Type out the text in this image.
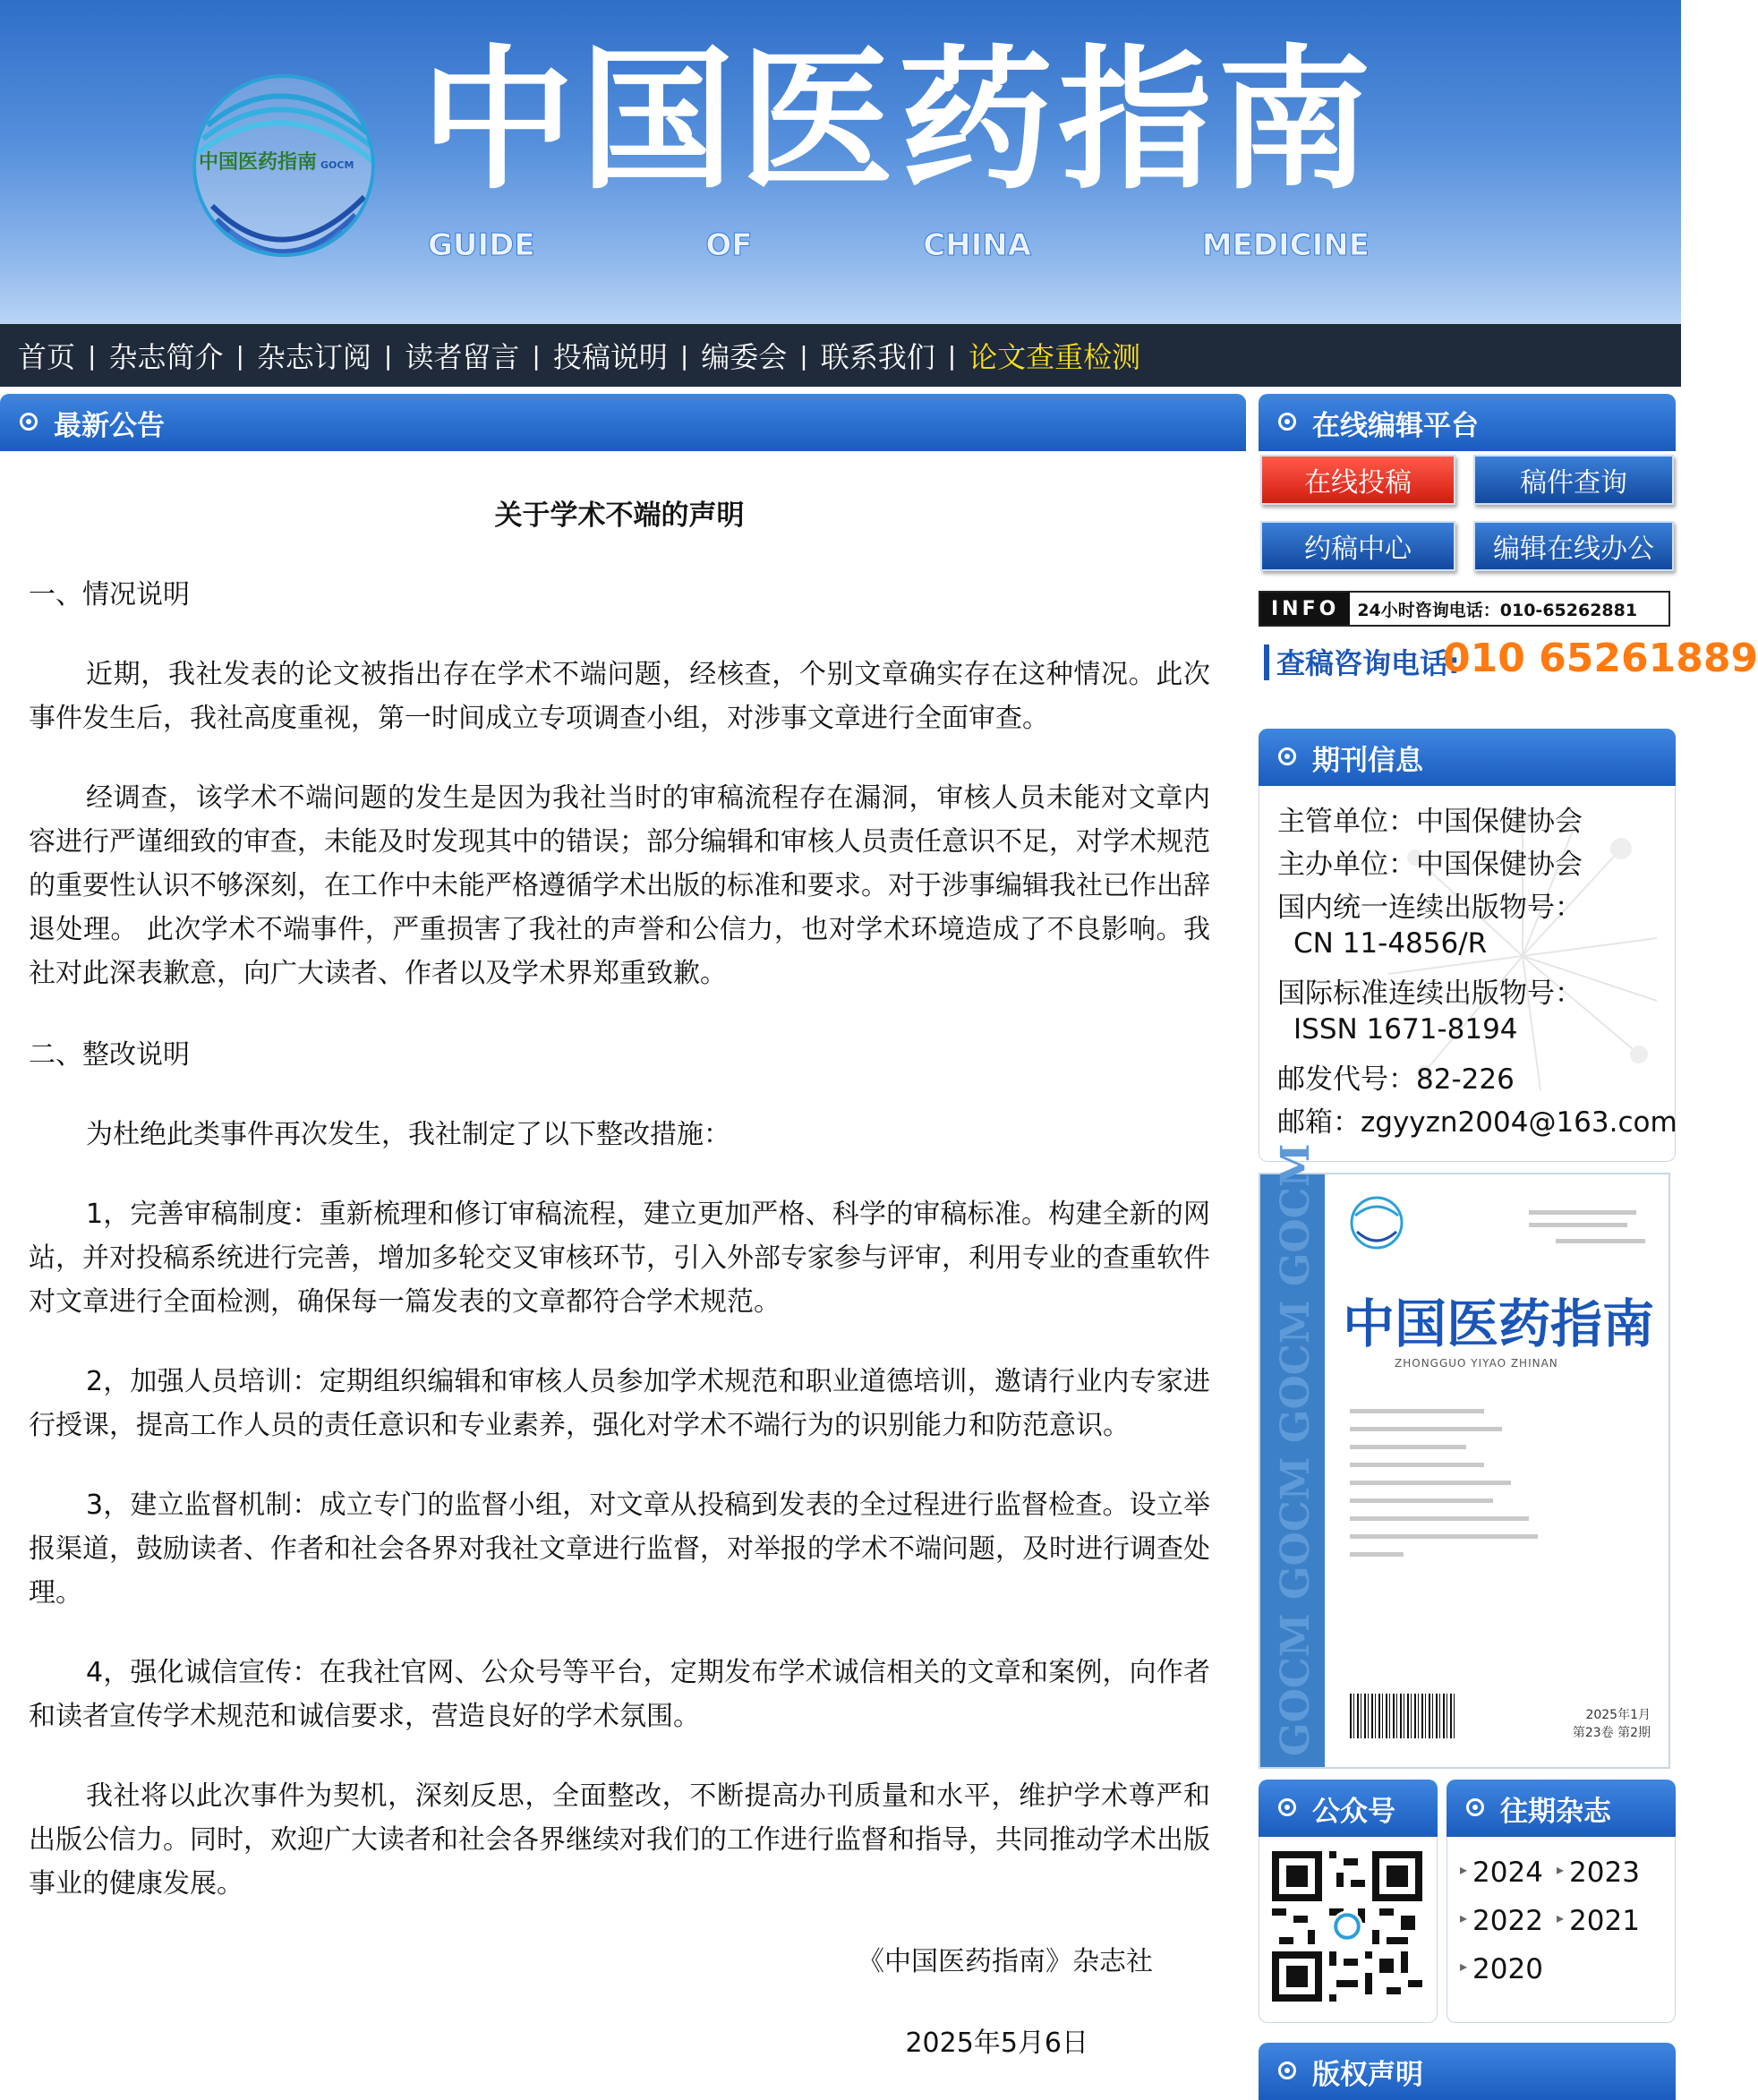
中国医药指南 GOCM 中国医药指南
GUIDE	OF	CHINA	MEDICINE
首页 | 杂志简介 | 杂志订阅 | 读者留言 | 投稿说明 | 编委会 | 联系我们 | 论文查重检测
最新公告
关于学术不端的声明
一、情况说明

近期，我社发表的论文被指出存在学术不端问题，经核查，个别文章确实存在这种情况。此次事件发生后，我社高度重视，第一时间成立专项调查小组，对涉事文章进行全面审查。

经调查，该学术不端问题的发生是因为我社当时的审稿流程存在漏洞，审核人员未能对文章内容进行严谨细致的审查，未能及时发现其中的错误；部分编辑和审核人员责任意识不足，对学术规范的重要性认识不够深刻，在工作中未能严格遵循学术出版的标准和要求。对于涉事编辑我社已作出辞退处理。 此次学术不端事件，严重损害了我社的声誉和公信力，也对学术环境造成了不良影响。我社对此深表歉意，向广大读者、作者以及学术界郑重致歉。

二、整改说明

为杜绝此类事件再次发生，我社制定了以下整改措施：

1，完善审稿制度：重新梳理和修订审稿流程，建立更加严格、科学的审稿标准。构建全新的网站，并对投稿系统进行完善，增加多轮交叉审核环节，引入外部专家参与评审，利用专业的查重软件对文章进行全面检测，确保每一篇发表的文章都符合学术规范。

2，加强人员培训：定期组织编辑和审核人员参加学术规范和职业道德培训，邀请行业内专家进行授课，提高工作人员的责任意识和专业素养，强化对学术不端行为的识别能力和防范意识。

3，建立监督机制：成立专门的监督小组，对文章从投稿到发表的全过程进行监督检查。设立举报渠道，鼓励读者、作者和社会各界对我社文章进行监督，对举报的学术不端问题，及时进行调查处理。

4，强化诚信宣传：在我社官网、公众号等平台，定期发布学术诚信相关的文章和案例，向作者和读者宣传学术规范和诚信要求，营造良好的学术氛围。

我社将以此次事件为契机，深刻反思，全面整改，不断提高办刊质量和水平，维护学术尊严和出版公信力。同时，欢迎广大读者和社会各界继续对我们的工作进行监督和指导，共同推动学术出版事业的健康发展。

《中国医药指南》杂志社
2025年5月6日
在线编辑平台
在线投稿	稿件查询
约稿中心	编辑在线办公
INFO	24小时咨询电话：010-65262881
查稿咨询电话:
010 65261889
期刊信息
主管单位：中国保健协会
主办单位：中国保健协会
国内统一连续出版物号：
CN 11-4856/R
国际标准连续出版物号：
ISSN 1671-8194
邮发代号：82-226
邮箱：zgyyzn2004@163.com
GOCM GOCM GOCM GOCM 中国医药指南
ZHONGGUO YIYAO ZHINAN
2025年1月
第23卷 第2期
公众号	往期杂志
▸ 2024 ▸ 2023
▸ 2022 ▸ 2021
▸ 2020
版权声明
